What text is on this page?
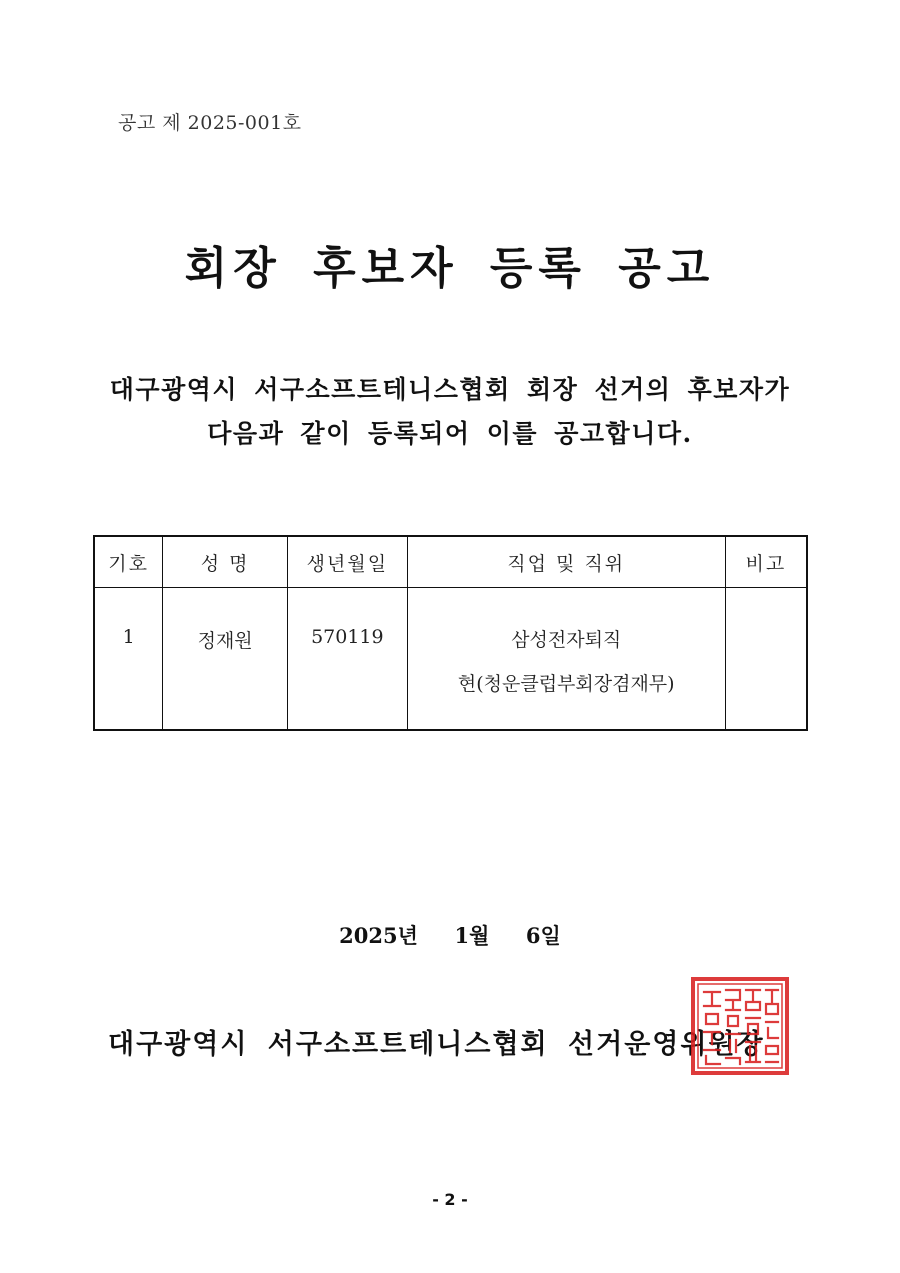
공고 제 2025-001호
회장 후보자 등록 공고
대구광역시 서구소프트테니스협회 회장 선거의 후보자가
다음과 같이 등록되어 이를 공고합니다.
기호	성 명	생년월일	직업 및 직위	비고
1	정재원	570119	삼성전자퇴직
현(청운클럽부회장겸재무)	

2025년     1월     6일
대구광역시 서구소프트테니스협회 선거운영위원장
- 2 -
